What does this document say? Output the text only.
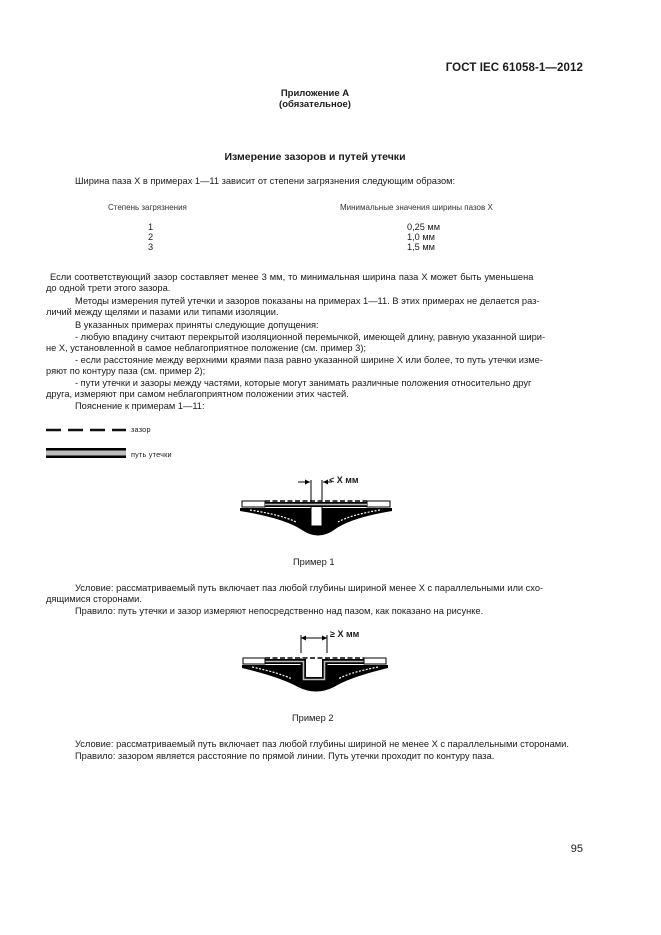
ГОСТ IEC 61058-1—2012
Приложение А
(обязательное)
Измерение зазоров и путей утечки
Ширина паза X в примерах 1—11 зависит от степени загрязнения следующим образом:
Степень загрязнения	Минимальные значения ширины пазов X
1
2
3
0,25 мм
1,0 мм
1,5 мм
Если соответствующий зазор составляет менее 3 мм, то минимальная ширина паза X может быть уменьшена
до одной трети этого зазора.
Методы измерения путей утечки и зазоров показаны на примерах 1—11. В этих примерах не делается раз-
личий между щелями и пазами или типами изоляции.
В указанных примерах приняты следующие допущения:
- любую впадину считают перекрытой изоляционной перемычкой, имеющей длину, равную указанной шири-
не X, установленной в самое неблагоприятное положение (см. пример 3);
- если расстояние между верхними краями паза равно указанной ширине X или более, то путь утечки изме-
ряют по контуру паза (см. пример 2);
- пути утечки и зазоры между частями, которые могут занимать различные положения относительно друг
друга, измеряют при самом неблагоприятном положении этих частей.
Пояснение к примерам 1—11:
зазор
путь утечки
< X мм
Пример 1
Условие: рассматриваемый путь включает паз любой глубины шириной менее X с параллельными или схо-
дящимися сторонами.
Правило: путь утечки и зазор измеряют непосредственно над пазом, как показано на рисунке.
≥ X мм
Пример 2
Условие: рассматриваемый путь включает паз любой глубины шириной не менее X с параллельными сторонами.
Правило: зазором является расстояние по прямой линии. Путь утечки проходит по контуру паза.
95
